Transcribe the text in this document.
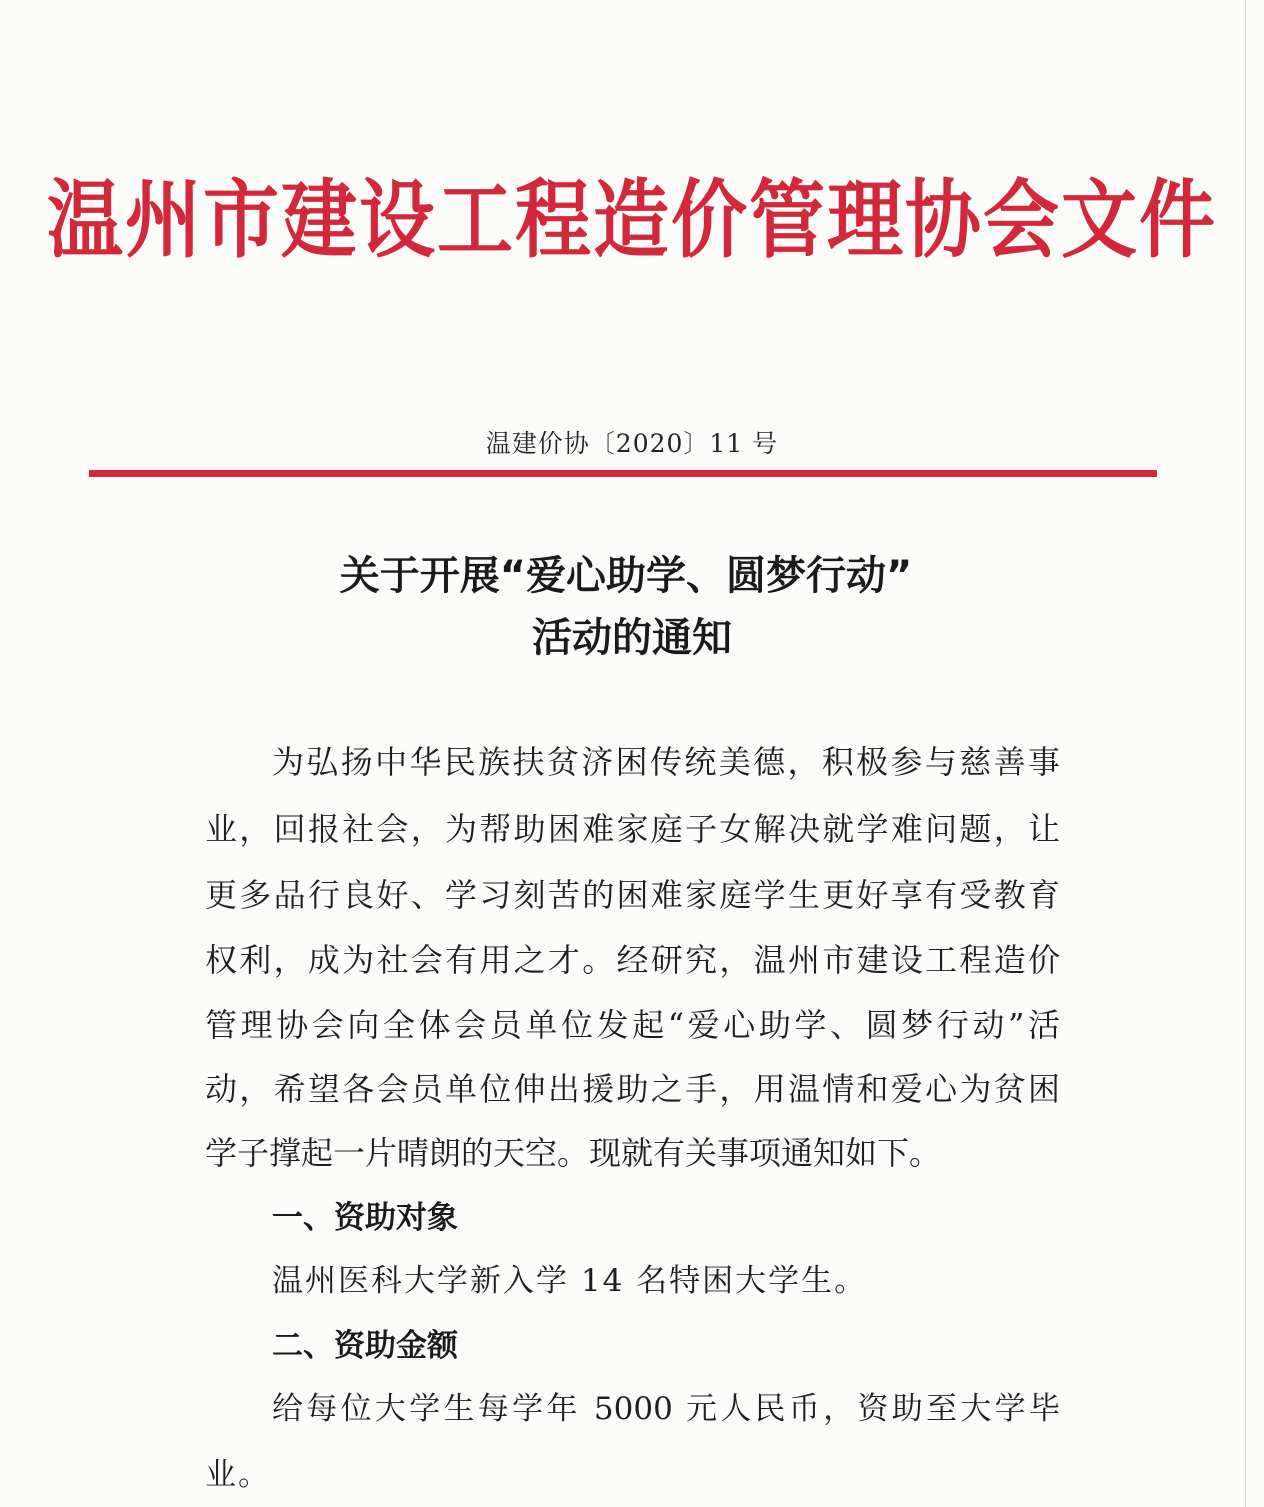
温州市建设工程造价管理协会文件
温建价协〔2020〕11 号
关于开展“爱心助学、圆梦行动”
活动的通知
为弘扬中华民族扶贫济困传统美德，积极参与慈善事
业，回报社会，为帮助困难家庭子女解决就学难问题，让
更多品行良好、学习刻苦的困难家庭学生更好享有受教育
权利，成为社会有用之才。经研究，温州市建设工程造价
管理协会向全体会员单位发起“爱心助学、圆梦行动”活
动，希望各会员单位伸出援助之手，用温情和爱心为贫困
学子撑起一片晴朗的天空。现就有关事项通知如下。
一、资助对象
温州医科大学新入学 14 名特困大学生。
二、资助金额
给每位大学生每学年 5000 元人民币，资助至大学毕
业。
